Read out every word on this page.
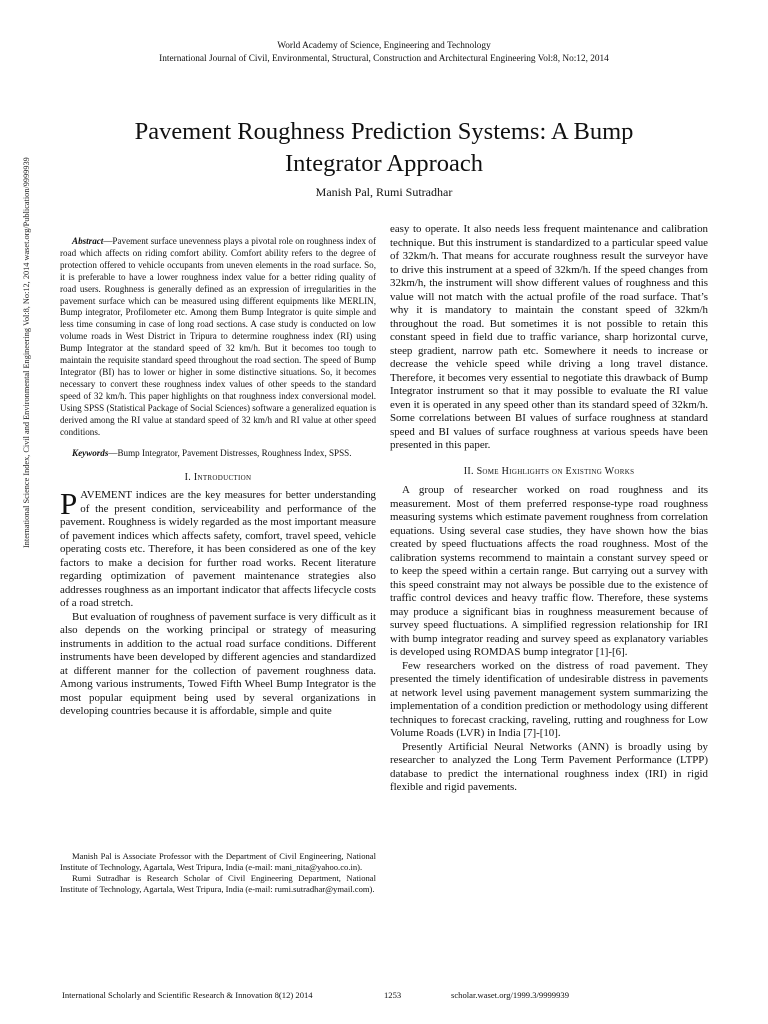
World Academy of Science, Engineering and Technology
International Journal of Civil, Environmental, Structural, Construction and Architectural Engineering Vol:8, No:12, 2014
Pavement Roughness Prediction Systems: A Bump
Integrator Approach
Manish Pal, Rumi Sutradhar
International Science Index, Civil and Environmental Engineering Vol:8, No:12, 2014 waset.org/Publication/9999939	Abstract—Pavement surface unevenness plays a pivotal role on roughness index of road which affects on riding comfort ability. Comfort ability refers to the degree of protection offered to vehicle occupants from uneven elements in the road surface. So, it is preferable to have a lower roughness index value for a better riding quality of road users. Roughness is generally defined as an expression of irregularities in the pavement surface which can be measured using different equipments like MERLIN, Bump integrator, Profilometer etc. Among them Bump Integrator is quite simple and less time consuming in case of long road sections. A case study is conducted on low volume roads in West District in Tripura to determine roughness index (RI) using Bump Integrator at the standard speed of 32 km/h. But it becomes too tough to maintain the requisite standard speed throughout the road section. The speed of Bump Integrator (BI) has to lower or higher in some distinctive situations. So, it becomes necessary to convert these roughness index values of other speeds to the standard speed of 32 km/h. This paper highlights on that roughness index conversional model. Using SPSS (Statistical Package of Social Sciences) software a generalized equation is derived among the RI value at standard speed of 32 km/h and RI value at other speed conditions.

Keywords—Bump Integrator, Pavement Distresses, Roughness Index, SPSS.

I. Introduction

PAVEMENT indices are the key measures for better understanding of the present condition, serviceability and performance of the pavement. Roughness is widely regarded as the most important measure of pavement indices which affects safety, comfort, travel speed, vehicle operating costs etc. Therefore, it has been considered as one of the key factors to make a decision for further road works. Recent literature regarding optimization of pavement maintenance strategies also addresses roughness as an important indicator that affects lifecycle costs of a road stretch.

But evaluation of roughness of pavement surface is very difficult as it also depends on the working principal or strategy of measuring instruments in addition to the actual road surface conditions. Different instruments have been developed by different agencies and standardized at different manner for the collection of pavement roughness data. Among various instruments, Towed Fifth Wheel Bump Integrator is the most popular equipment being used by several organizations in developing countries because it is affordable, simple and quite

Manish Pal is Associate Professor with the Department of Civil Engineering, National Institute of Technology, Agartala, West Tripura, India (e-mail: mani_nita@yahoo.co.in).

Rumi Sutradhar is Research Scholar of Civil Engineering Department, National Institute of Technology, Agartala, West Tripura, India (e-mail: rumi.sutradhar@ymail.com).

easy to operate. It also needs less frequent maintenance and calibration technique. But this instrument is standardized to a particular speed value of 32km/h. That means for accurate roughness result the surveyor have to drive this instrument at a speed of 32km/h. If the speed changes from 32km/h, the instrument will show different values of roughness and this value will not match with the actual profile of the road surface. That’s why it is mandatory to maintain the constant speed of 32km/h throughout the road. But sometimes it is not possible to retain this constant speed in field due to traffic variance, sharp horizontal curve, steep gradient, narrow path etc. Somewhere it needs to increase or decrease the vehicle speed while driving a long travel distance. Therefore, it becomes very essential to negotiate this drawback of Bump Integrator instrument so that it may possible to evaluate the RI value even it is operated in any speed other than its standard speed of 32km/h. Some correlations between BI values of surface roughness at standard speed and BI values of surface roughness at various speeds have been presented in this paper.

II. Some Highlights on Existing Works

A group of researcher worked on road roughness and its measurement. Most of them preferred response-type road roughness measuring systems which estimate pavement roughness from correlation equations. Using several case studies, they have shown how the bias created by speed fluctuations affects the road roughness. Most of the calibration systems recommend to maintain a constant survey speed or to keep the speed within a certain range. But carrying out a survey with this speed constraint may not always be possible due to the existence of traffic control devices and heavy traffic flow. Therefore, these systems may produce a significant bias in roughness measurement because of survey speed fluctuations. A simplified regression relationship for IRI with bump integrator reading and survey speed as explanatory variables is developed using ROMDAS bump integrator [1]-[6].

Few researchers worked on the distress of road pavement. They presented the timely identification of undesirable distress in pavements at network level using pavement management system summarizing the implementation of a condition prediction or methodology using different techniques to forecast cracking, raveling, rutting and roughness for Low Volume Roads (LVR) in India [7]-[10].

Presently Artificial Neural Networks (ANN) is broadly using by researcher to analyzed the Long Term Pavement Performance (LTPP) database to predict the international roughness index (IRI) in rigid flexible and rigid pavements.

International Scholarly and Scientific Research & Innovation 8(12) 2014	1253	scholar.waset.org/1999.3/9999939
